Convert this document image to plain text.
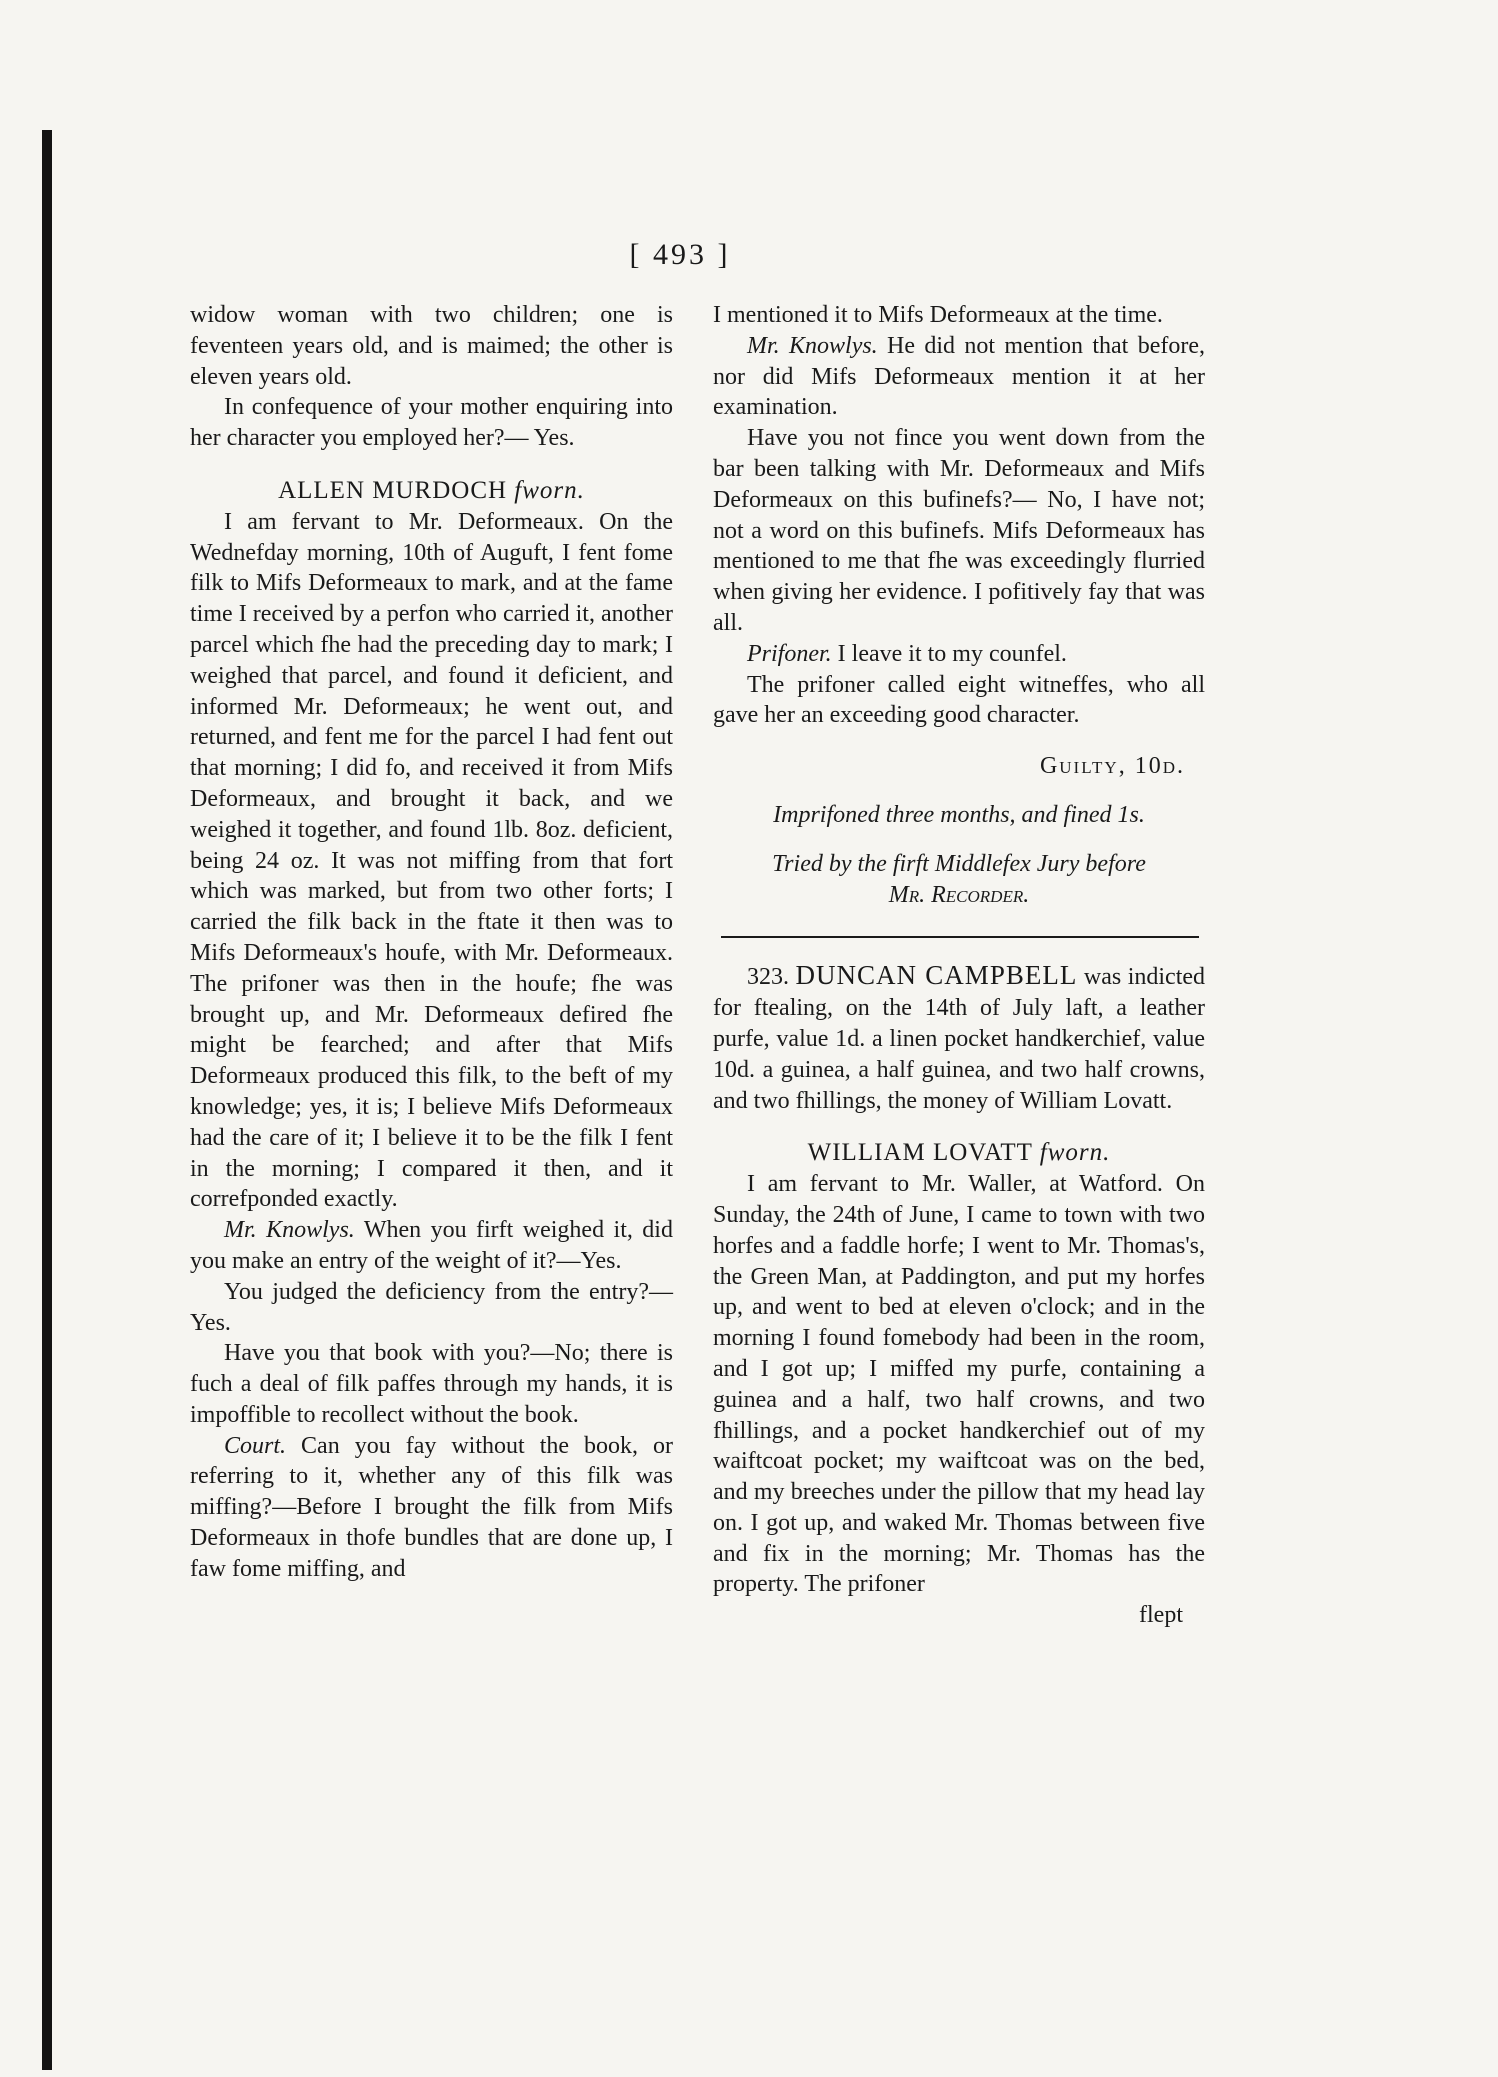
[ 493 ]

widow woman with two children; one is feventeen years old, and is maimed; the other is eleven years old.

In confequence of your mother enquiring into her character you employed her?— Yes.

ALLEN MURDOCH fworn.

I am fervant to Mr. Deformeaux. On the Wednefday morning, 10th of Auguft, I fent fome filk to Mifs Deformeaux to mark, and at the fame time I received by a perfon who carried it, another parcel which fhe had the preceding day to mark; I weighed that parcel, and found it deficient, and informed Mr. Deformeaux; he went out, and returned, and fent me for the parcel I had fent out that morning; I did fo, and received it from Mifs Deformeaux, and brought it back, and we weighed it together, and found 1lb. 8oz. deficient, being 24 oz. It was not miffing from that fort which was marked, but from two other forts; I carried the filk back in the ftate it then was to Mifs Deformeaux's houfe, with Mr. Deformeaux. The prifoner was then in the houfe; fhe was brought up, and Mr. Deformeaux defired fhe might be fearched; and after that Mifs Deformeaux produced this filk, to the beft of my knowledge; yes, it is; I believe Mifs Deformeaux had the care of it; I believe it to be the filk I fent in the morning; I compared it then, and it correfponded exactly.

Mr. Knowlys. When you firft weighed it, did you make an entry of the weight of it?—Yes.

You judged the deficiency from the entry?—Yes.

Have you that book with you?—No; there is fuch a deal of filk paffes through my hands, it is impoffible to recollect without the book.

Court. Can you fay without the book, or referring to it, whether any of this filk was miffing?—Before I brought the filk from Mifs Deformeaux in thofe bundles that are done up, I faw fome miffing, and

I mentioned it to Mifs Deformeaux at the time.

Mr. Knowlys. He did not mention that before, nor did Mifs Deformeaux mention it at her examination.

Have you not fince you went down from the bar been talking with Mr. Deformeaux and Mifs Deformeaux on this bufinefs?— No, I have not; not a word on this bufinefs. Mifs Deformeaux has mentioned to me that fhe was exceedingly flurried when giving her evidence. I pofitively fay that was all.

Prifoner. I leave it to my counfel.

The prifoner called eight witneffes, who all gave her an exceeding good character.

Guilty, 10d.

Imprifoned three months, and fined 1s.

Tried by the firft Middlefex Jury before

Mr. Recorder.

323. DUNCAN CAMPBELL was indicted for ftealing, on the 14th of July laft, a leather purfe, value 1d. a linen pocket handkerchief, value 10d. a guinea, a half guinea, and two half crowns, and two fhillings, the money of William Lovatt.

WILLIAM LOVATT fworn.

I am fervant to Mr. Waller, at Watford. On Sunday, the 24th of June, I came to town with two horfes and a faddle horfe; I went to Mr. Thomas's, the Green Man, at Paddington, and put my horfes up, and went to bed at eleven o'clock; and in the morning I found fomebody had been in the room, and I got up; I miffed my purfe, containing a guinea and a half, two half crowns, and two fhillings, and a pocket handkerchief out of my waiftcoat pocket; my waiftcoat was on the bed, and my breeches under the pillow that my head lay on. I got up, and waked Mr. Thomas between five and fix in the morning; Mr. Thomas has the property. The prifoner

flept
